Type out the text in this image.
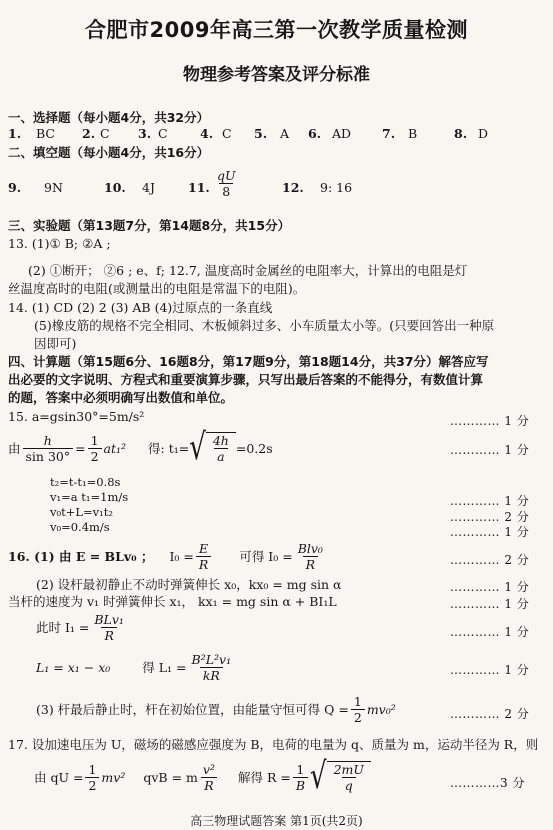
合肥市2009年高三第一次教学质量检测
物理参考答案及评分标准
一、选择题（每小题4分，共32分）
1. BC 2. C 3. C	4. C 5. A 6. AD 7. B	8. D
二、填空题（每小题4分，共16分）
9. 9N	10. 4J	11. $\frac{qU}{8}$	12. 9: 16
三、实验题（第13题7分，第14题8分，共15分）
13. (1)① B; ②A ;
(2) ①断开； ②6 ; e、f; 12.7, 温度高时金属丝的电阻率大，计算出的电阻是灯
丝温度高时的电阻(或测量出的电阻是常温下的电阻)。
14. (1) CD (2) 2 (3) AB (4)过原点的一条直线
(5)橡皮筋的规格不完全相同、木板倾斜过多、小车质量太小等。(只要回答出一种原
因即可)
四、计算题（第15题6分、16题8分，第17题9分，第18题14分，共37分）解答应写
出必要的文字说明、方程式和重要演算步骤，只写出最后答案的不能得分，有数值计算
的题，答案中必须明确写出数值和单位。
15. a=gsin30°=5m/s²	………… 1 分
由 $\frac{h}{\sin 30^\circ} = \frac{1}{2} at_1^2$ 得: t₁= √ $\frac{4h}{a} =0.2s$	………… 1 分
t₂=t-t₁=0.8s
v₁=a t₁=1m/s	………… 1 分
v₀t+L=v₁t₂	………… 2 分
v₀=0.4m/s	………… 1 分
16. (1) 由 E = BLv₀ ； $I_0 = \frac{E}{R}$ 可得 $I_0 = \frac{\text{Blv₀}}{R}$	………… 2 分
(2) 设杆最初静止不动时弹簧伸长 x₀，kx₀ = mg sin α	………… 1 分
当杆的速度为 v₁ 时弹簧伸长 x₁， kx₁ = mg sin α + BI₁L	………… 1 分
此时 $I_1 = \frac{\text{BLv₁}}{R}$	………… 1 分
L₁ = x₁ − x₀	得 $L_1 = \frac{\text{B²L²v₁}}{kR}$	………… 1 分
(3) 杆最后静止时，杆在初始位置，由能量守恒可得 $Q = \frac{1}{2} mv_0^2$	………… 2 分
17. 设加速电压为 U，磁场的磁感应强度为 B，电荷的电量为 q、质量为 m，运动半径为 R，则
由 qU = $\frac{1}{2} mv^2$ qvB = m $\frac{\text{v²}}{R}$ 解得 $R = \frac{1}{B}$ √ $\frac{2mU}{q}$	…………3 分
高三物理试题答案 第1页(共2页)
